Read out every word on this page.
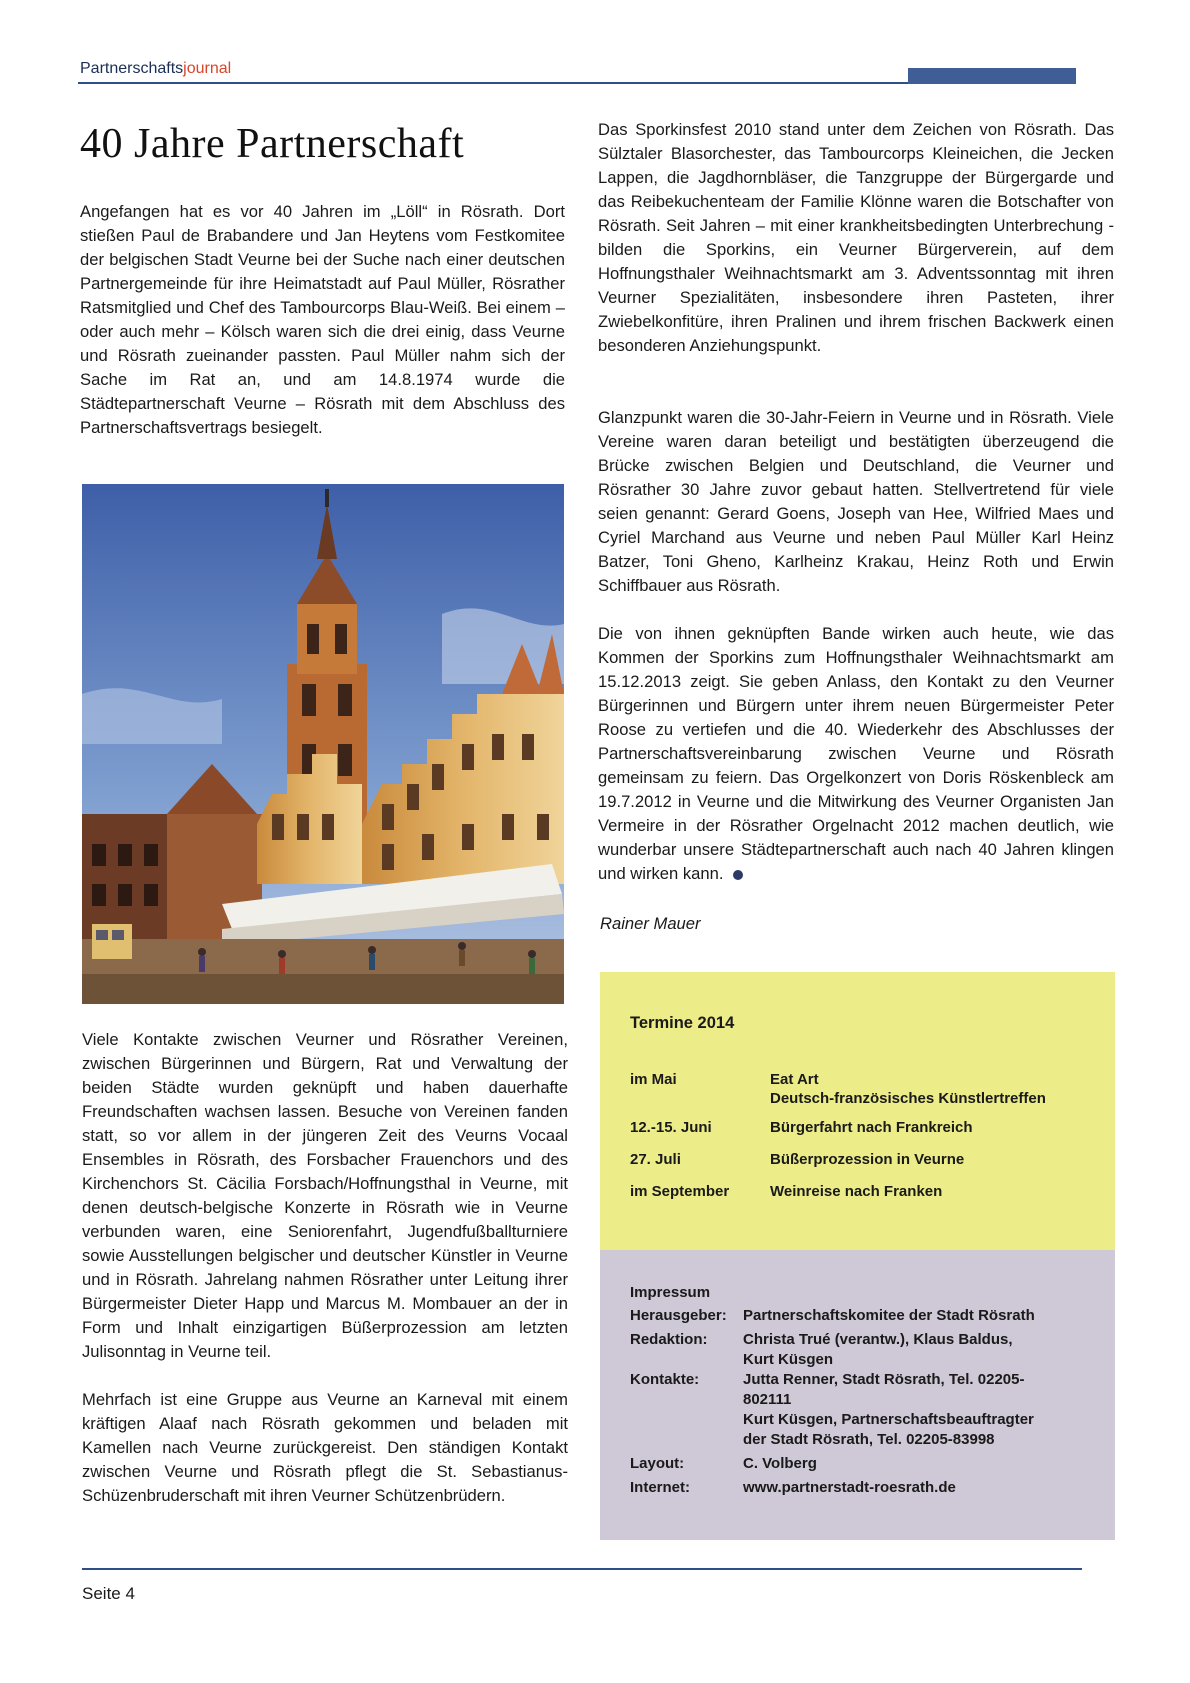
Partnerschaftsjournal
40 Jahre Partnerschaft

Angefangen hat es vor 40 Jahren im „Löll“ in Rösrath. Dort stießen Paul de Brabandere und Jan Heytens vom Festkomitee der belgischen Stadt Veurne bei der Suche nach einer deutschen Partnergemeinde für ihre Heimatstadt auf Paul Müller, Rösrather Ratsmitglied und Chef des Tambourcorps Blau-Weiß. Bei einem – oder auch mehr – Kölsch waren sich die drei einig, dass Veurne und Rösrath zueinander passten. Paul Müller nahm sich der Sache im Rat an, und am 14.8.1974 wurde die Städtepartnerschaft Veurne – Rösrath mit dem Abschluss des Partnerschaftsvertrags besiegelt.

Viele Kontakte zwischen Veurner und Rösrather Vereinen, zwischen Bürgerinnen und Bürgern, Rat und Verwaltung der beiden Städte wurden geknüpft und haben dauerhafte Freundschaften wachsen lassen. Besuche von Vereinen fanden statt, so vor allem in der jüngeren Zeit des Veurns Vocaal Ensembles in Rösrath, des Forsbacher Frauenchors und des Kirchenchors St. Cäcilia Forsbach/Hoffnungsthal in Veurne, mit denen deutsch-belgische Konzerte in Rösrath wie in Veurne verbunden waren, eine Seniorenfahrt, Jugendfußballturniere sowie Ausstellungen belgischer und deutscher Künstler in Veurne und in Rösrath. Jahrelang nahmen Rösrather unter Leitung ihrer Bürgermeister Dieter Happ und Marcus M. Mombauer an der in Form und Inhalt einzigartigen Büßerprozession am letzten Julisonntag in Veurne teil.

Mehrfach ist eine Gruppe aus Veurne an Karneval mit einem kräftigen Alaaf nach Rösrath gekommen und beladen mit Kamellen nach Veurne zurückgereist. Den ständigen Kontakt zwischen Veurne und Rösrath pflegt die St. Sebastianus-Schüzenbruderschaft mit ihren Veurner Schützenbrüdern.

Das Sporkinsfest 2010 stand unter dem Zeichen von Rösrath. Das Sülztaler Blasorchester, das Tambourcorps Kleineichen, die Jecken Lappen, die Jagdhornbläser, die Tanzgruppe der Bürgergarde und das Reibekuchenteam der Familie Klönne waren die Botschafter von Rösrath. Seit Jahren – mit einer krankheitsbedingten Unterbrechung - bilden die Sporkins, ein Veurner Bürgerverein, auf dem Hoffnungsthaler Weihnachtsmarkt am 3. Adventssonntag mit ihren Veurner Spezialitäten, insbesondere ihren Pasteten, ihrer Zwiebelkonfitüre, ihren Pralinen und ihrem frischen Backwerk einen besonderen Anziehungspunkt.

Glanzpunkt waren die 30-Jahr-Feiern in Veurne und in Rösrath. Viele Vereine waren daran beteiligt und bestätigten überzeugend die Brücke zwischen Belgien und Deutschland, die Veurner und Rösrather 30 Jahre zuvor gebaut hatten. Stellvertretend für viele seien genannt: Gerard Goens, Joseph van Hee, Wilfried Maes und Cyriel Marchand aus Veurne und neben Paul Müller Karl Heinz Batzer, Toni Gheno, Karlheinz Krakau, Heinz Roth und Erwin Schiffbauer aus Rösrath.

Die von ihnen geknüpften Bande wirken auch heute, wie das Kommen der Sporkins zum Hoffnungsthaler Weihnachtsmarkt am 15.12.2013 zeigt. Sie geben Anlass, den Kontakt zu den Veurner Bürgerinnen und Bürgern unter ihrem neuen Bürgermeister Peter Roose zu vertiefen und die 40. Wiederkehr des Abschlusses der Partnerschaftsvereinbarung zwischen Veurne und Rösrath gemeinsam zu feiern. Das Orgelkonzert von Doris Röskenbleck am 19.7.2012 in Veurne und die Mitwirkung des Veurner Organisten Jan Vermeire in der Rösrather Orgelnacht 2012 machen deutlich, wie wunderbar unsere Städtepartnerschaft auch nach 40 Jahren klingen und wirken kann.

Rainer Mauer
Termine 2014
im Mai	Eat Art
Deutsch-französisches Künstlertreffen
12.-15. Juni	Bürgerfahrt nach Frankreich
27. Juli	Büßerprozession in Veurne
im September	Weinreise nach Franken
Impressum
Herausgeber: Partnerschaftskomitee der Stadt Rösrath
Redaktion: Christa Trué (verantw.), Klaus Baldus,
Kurt Küsgen
Kontakte:	Jutta Renner, Stadt Rösrath, Tel. 02205-
802111
Kurt Küsgen, Partnerschaftsbeauftragter
der Stadt Rösrath, Tel. 02205-83998
Layout:	C. Volberg
Internet:	www.partnerstadt-roesrath.de
Seite 4
